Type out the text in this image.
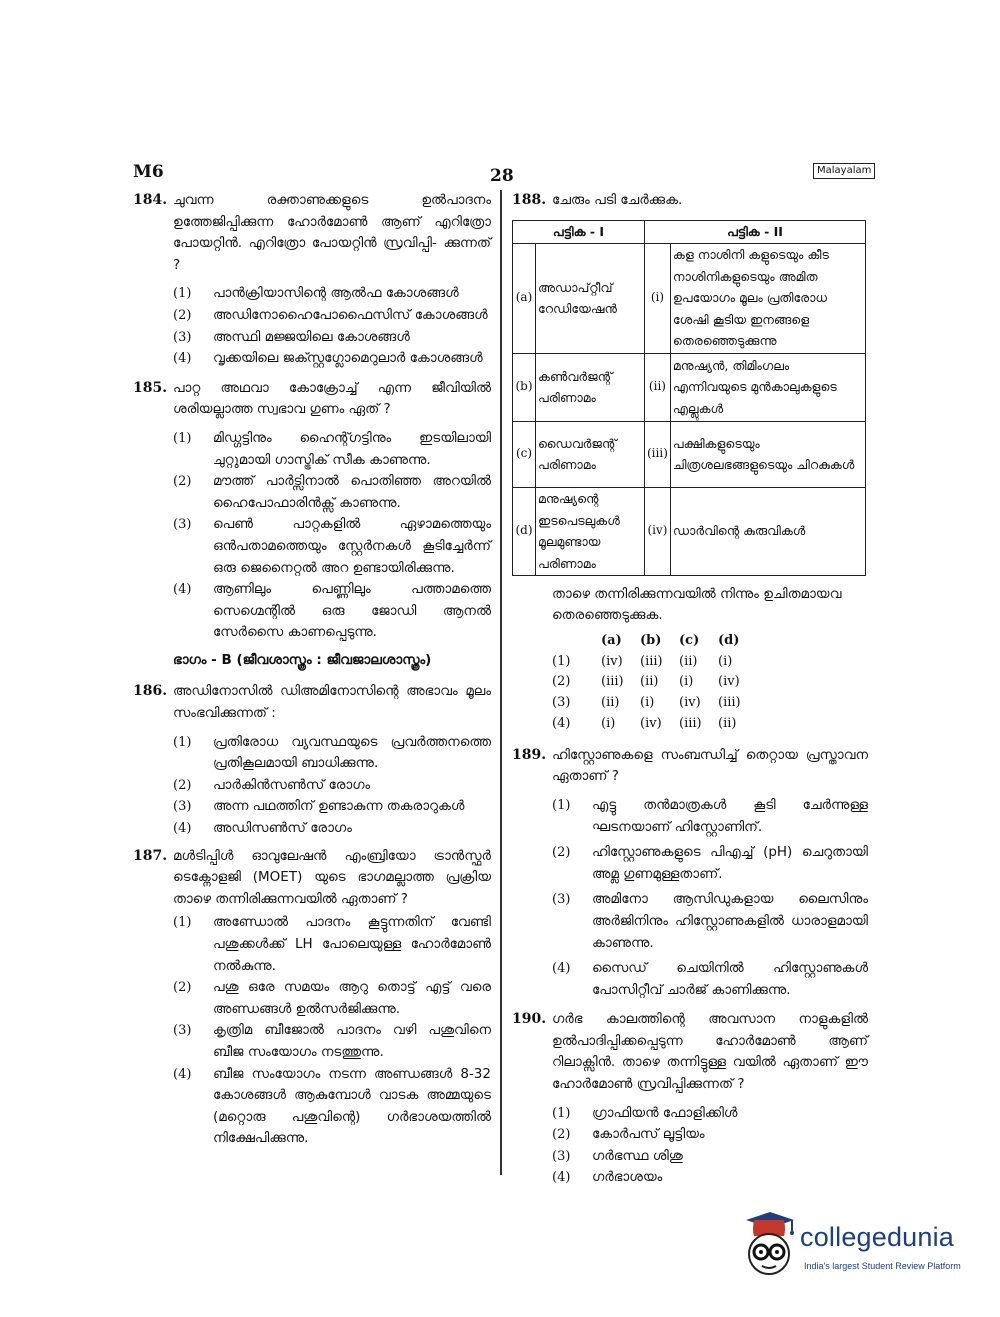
M6	28	Malayalam
184. ചുവന്ന രക്താണുക്കളുടെ ഉൽപാദനം ഉത്തേജിപ്പിക്കുന്ന ഹോർമോൺ ആണ് എറിത്രോ പോയറ്റിൻ. എറിത്രോ പോയറ്റിൻ സ്രവിപ്പി- ക്കുന്നത് ?
(1)	പാൻക്രിയാസിന്റെ ആൽഫ കോശങ്ങൾ
(2)	അഡിനോഹൈപോഫൈസിസ് കോശങ്ങൾ
(3)	അസ്ഥി മജ്ജയിലെ കോശങ്ങൾ
(4)	വൃക്കയിലെ ജക്സ്റ്റഗ്ലോമെറുലാർ കോശങ്ങൾ
185. പാറ്റ അഥവാ കോക്രോച്ച് എന്ന ജീവിയിൽ ശരിയല്ലാത്ത സ്വഭാവ ഗുണം ഏത് ?
(1)	മിഡ്ഗട്ടിനും ഹൈന്റ്ഗട്ടിനും ഇടയിലായി ചുറ്റുമായി ഗാസ്ട്രിക് സീക കാണുന്നു.
(2)	മൗത്ത് പാർട്സിനാൽ പൊതിഞ്ഞ അറയിൽ ഹൈപോഫാരിൻക്സ് കാണുന്നു.
(3)	പെൺ പാറ്റകളിൽ ഏഴാമത്തെയും ഒൻപതാമത്തെയും സ്റ്റേർനകൾ കൂടിച്ചേർന്ന് ഒരു ജെനൈറ്റൽ അറ ഉണ്ടായിരിക്കുന്നു.
(4)	ആണിലും പെണ്ണിലും പത്താമത്തെ സെഗ്മെന്റിൽ ഒരു ജോഡി ആനൽ സേർസൈ കാണപ്പെടുന്നു.
ഭാഗം - B (ജീവശാസ്ത്രം : ജീവജാലശാസ്ത്രം)
186. അഡിനോസിൽ ഡിഅമിനോസിന്റെ അഭാവം മൂലം സംഭവിക്കുന്നത് :
(1)	പ്രതിരോധ വ്യവസ്ഥയുടെ പ്രവർത്തനത്തെ പ്രതികൂലമായി ബാധിക്കുന്നു.
(2)	പാർകിൻസൺസ് രോഗം
(3)	അന്ന പഥത്തിന് ഉണ്ടാകുന്ന തകരാറുകൾ
(4)	അഡിസൺസ് രോഗം
187. മൾടിപ്പിൾ ഓവുലേഷൻ എംബ്രിയോ ട്രാൻസ്ഫർ ടെക്നോളജി (MOET) യുടെ ഭാഗമല്ലാത്ത പ്രക്രിയ താഴെ തന്നിരിക്കുന്നവയിൽ ഏതാണ് ?
(1)	അണ്ഡോൽ പാദനം കൂട്ടുന്നതിന് വേണ്ടി പശുക്കൾക്ക് LH പോലെയുള്ള ഹോർമോൺ നൽകുന്നു.
(2)	പശു ഒരേ സമയം ആറു തൊട്ട് എട്ട് വരെ അണ്ഡങ്ങൾ ഉൽസർജിക്കുന്നു.
(3)	കൃത്രിമ ബീജോൽ പാദനം വഴി പശുവിനെ ബീജ സംയോഗം നടത്തുന്നു.
(4)	ബീജ സംയോഗം നടന്ന അണ്ഡങ്ങൾ 8-32 കോശങ്ങൾ ആകുമ്പോൾ വാടക അമ്മയുടെ (മറ്റൊരു പശുവിന്റെ) ഗർഭാശയത്തിൽ നിക്ഷേപിക്കുന്നു.
188. ചേരും പടി ചേർക്കുക.
പട്ടിക - I		പട്ടിക - II	
(a)	അഡാപ്റ്റീവ് റേഡിയേഷൻ	(i)	കള നാശിനി കളുടെയും കീട നാശിനികളുടെയും അമിത ഉപയോഗം മൂലം പ്രതിരോധ ശേഷി കൂടിയ ഇനങ്ങളെ തെരഞ്ഞെടുക്കുന്നു
(b)	കൺവർജന്റ് പരിണാമം	(ii)	മനുഷ്യൻ, തിമിംഗലം എന്നിവയുടെ മുൻകാലുകളുടെ എല്ലുകൾ
(c)	ഡൈവർജന്റ് പരിണാമം	(iii)	പക്ഷികളുടെയും ചിത്രശലഭങ്ങളുടെയും ചിറകുകൾ
(d)	മനുഷ്യന്റെ ഇടപെടലുകൾ മൂലമുണ്ടായ പരിണാമം	(iv)	ഡാർവിന്റെ കുരുവികൾ
താഴെ തന്നിരിക്കുന്നവയിൽ നിന്നും ഉചിതമായവ തെരഞ്ഞെടുക്കുക.
	(a)	(b)	(c)	(d)
(1)	(iv)	(iii)	(ii)	(i)
(2)	(iii)	(ii)	(i)	(iv)
(3)	(ii)	(i)	(iv)	(iii)
(4)	(i)	(iv)	(iii)	(ii)
189. ഹിസ്റ്റോണുകളെ സംബന്ധിച്ച് തെറ്റായ പ്രസ്താവന ഏതാണ് ?
(1)	എട്ടു തൻമാത്രകൾ കൂടി ചേർന്നുള്ള ഘടനയാണ് ഹിസ്റ്റോണിന്.
(2)	ഹിസ്റ്റോണുകളുടെ പിഎച്ച് (pH) ചെറുതായി അമ്ല ഗുണമുള്ളതാണ്.
(3)	അമിനോ ആസിഡുകളായ ലൈസിനും അർജിനിനും ഹിസ്റ്റോണുകളിൽ ധാരാളമായി കാണുന്നു.
(4)	സൈഡ് ചെയിനിൽ ഹിസ്റ്റോണുകൾ പോസിറ്റീവ് ചാർജ് കാണിക്കുന്നു.
190. ഗർഭ കാലത്തിന്റെ അവസാന നാളുകളിൽ ഉൽപാദിപ്പിക്കപ്പെടുന്ന ഹോർമോൺ ആണ് റിലാക്സിൻ. താഴെ തന്നിട്ടുള്ള വയിൽ ഏതാണ് ഈ ഹോർമോൺ സ്രവിപ്പിക്കുന്നത് ?
(1)	ഗ്രാഫിയൻ ഫോളിക്കിൾ
(2)	കോർപസ് ലൂട്ടിയം
(3)	ഗർഭസ്ഥ ശിശു
(4)	ഗർഭാശയം
collegedunia
India's largest Student Review Platform
